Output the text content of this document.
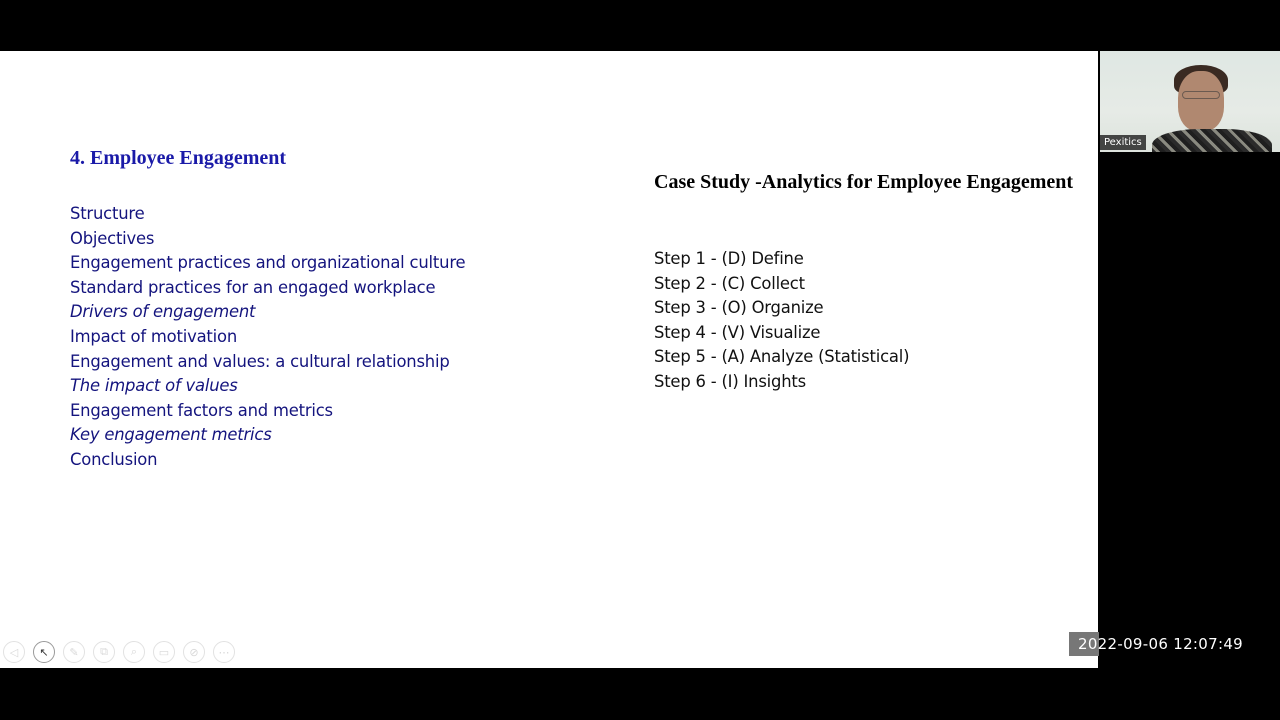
4. Employee Engagement
Structure
Objectives
Engagement practices and organizational culture
Standard practices for an engaged workplace
Drivers of engagement
Impact of motivation
Engagement and values: a cultural relationship
The impact of values
Engagement factors and metrics
Key engagement metrics
Conclusion
Case Study -Analytics for Employee Engagement
Step 1 - (D) Define
Step 2 - (C) Collect
Step 3 - (O) Organize
Step 4 - (V) Visualize
Step 5 - (A) Analyze (Statistical)
Step 6 - (I) Insights
◁ ↖ ✎ ⧉ ⌕ ▭ ⊘ ⋯
Pexitics
2022-09-06 12:07:49
